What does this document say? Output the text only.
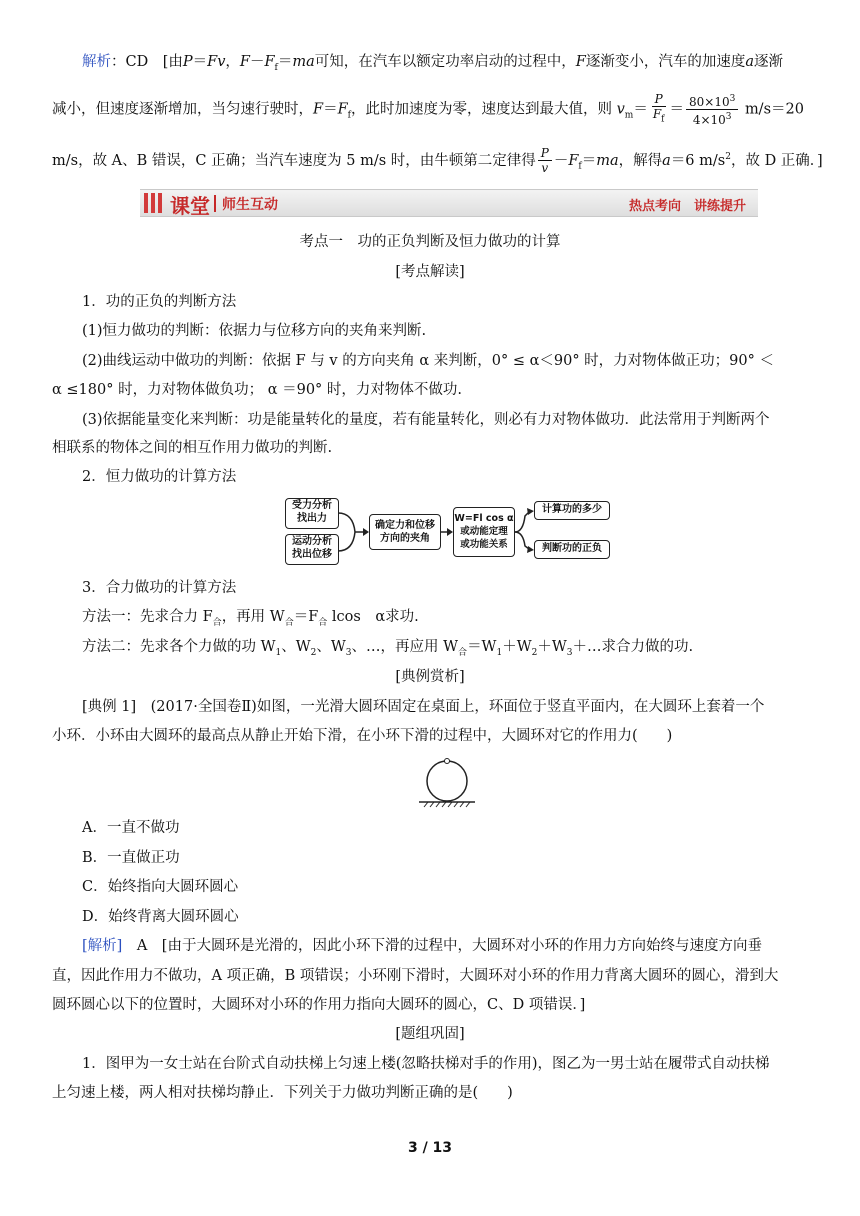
解析：CD　[由P＝Fv，$F-F_f=ma$可知，在汽车以额定功率启动的过程中，F逐渐变小，汽车的加速度a逐渐
减小，但速度逐渐增加，当匀速行驶时，$F=F_f$，此时加速度为零，速度达到最大值，则 $v_m= \frac{P}{F_f} = \frac{80\times 10^3}{4\times 10^3} m/s=20$
m/s，故 A、B 错误，C 正确；当汽车速度为 5 m/s 时，由牛顿第二定律得 $\frac{P}{v} -F_f=ma$，解得a＝6 $m/s^2$，故 D 正确．]
课堂 师生互动	热点考向　讲练提升
考点一　功的正负判断及恒力做功的计算
[考点解读]
1．功的正负的判断方法
(1)恒力做功的判断：依据力与位移方向的夹角来判断.
(2)曲线运动中做功的判断：依据 F 与 v 的方向夹角 α 来判断，0° ≤ α＜90° 时，力对物体做正功；90° ＜
α ≤180° 时，力对物体做负功； α ＝90° 时，力对物体不做功.
(3)依据能量变化来判断：功是能量转化的量度，若有能量转化，则必有力对物体做功．此法常用于判断两个
相联系的物体之间的相互作用力做功的判断.
2．恒力做功的计算方法
受力分析
找出力
运动分析
找出位移
确定力和位移
方向的夹角
W=Fl cos α
或动能定理
或功能关系
计算功的多少
判断功的正负
3．合力做功的计算方法
方法一：先求合力 $F_合$，再用 $W_合=F_合$ lcos　α求功.
方法二：先求各个力做的功 $W_1$、$W_2$、$W_3$、…，再应用 $W_合=W_1+W_2+W_3+\dots$求合力做的功.
[典例赏析]
[典例 1]　(2017·全国卷Ⅱ)如图，一光滑大圆环固定在桌面上，环面位于竖直平面内，在大圆环上套着一个
小环．小环由大圆环的最高点从静止开始下滑，在小环下滑的过程中，大圆环对它的作用力(　　)
A．一直不做功
B．一直做正功
C．始终指向大圆环圆心
D．始终背离大圆环圆心
[解析]　A　[由于大圆环是光滑的，因此小环下滑的过程中，大圆环对小环的作用力方向始终与速度方向垂
直，因此作用力不做功，A 项正确，B 项错误；小环刚下滑时，大圆环对小环的作用力背离大圆环的圆心，滑到大
圆环圆心以下的位置时，大圆环对小环的作用力指向大圆环的圆心，C、D 项错误．]
[题组巩固]
1．图甲为一女士站在台阶式自动扶梯上匀速上楼(忽略扶梯对手的作用)，图乙为一男士站在履带式自动扶梯
上匀速上楼，两人相对扶梯均静止．下列关于力做功判断正确的是(　　)
3 / 13
